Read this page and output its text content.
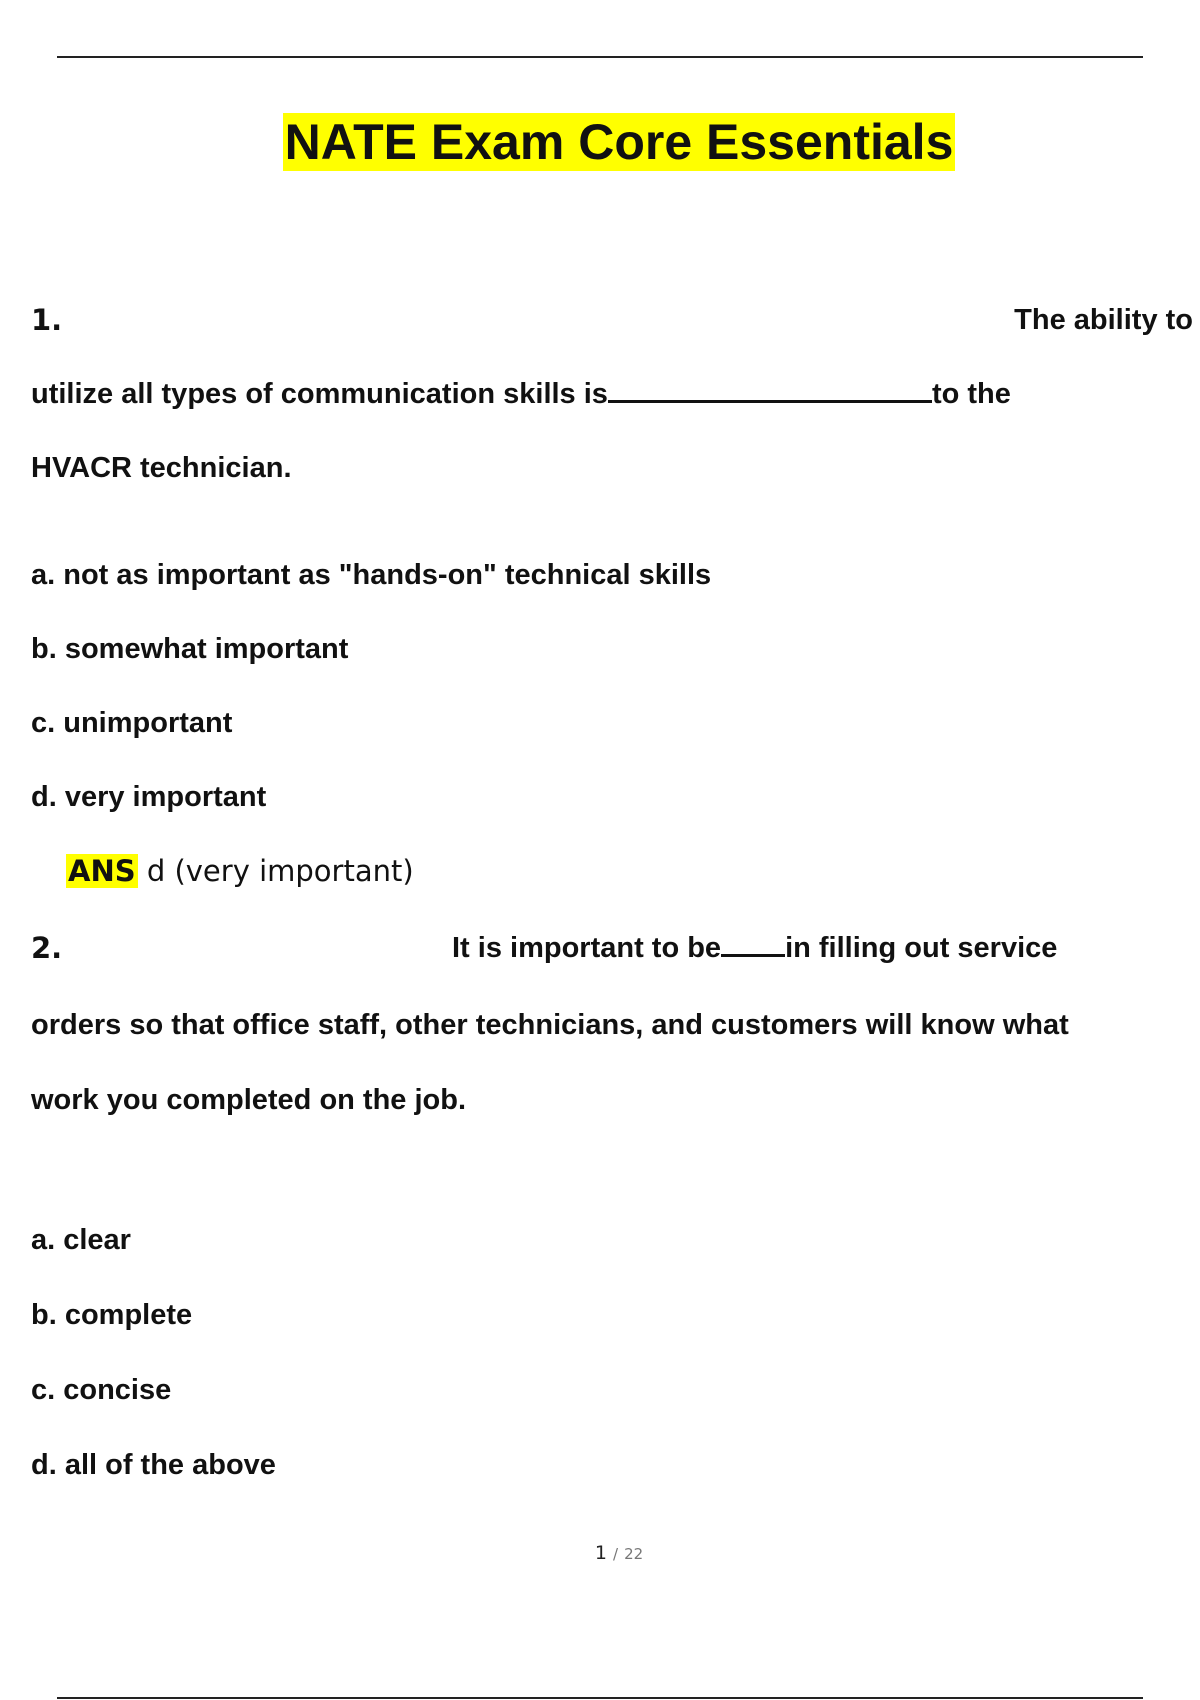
NATE Exam Core Essentials
1.	The ability to
utilize all types of communication skills is	to the
HVACR technician.
a. not as important as "hands-on" technical skills
b. somewhat important
c. unimportant
d. very important
ANS d (very important)
2.	It is important to be in filling out service
orders so that office staff, other technicians, and customers will know what
work you completed on the job.
a. clear
b. complete
c. concise
d. all of the above
1 / 22
